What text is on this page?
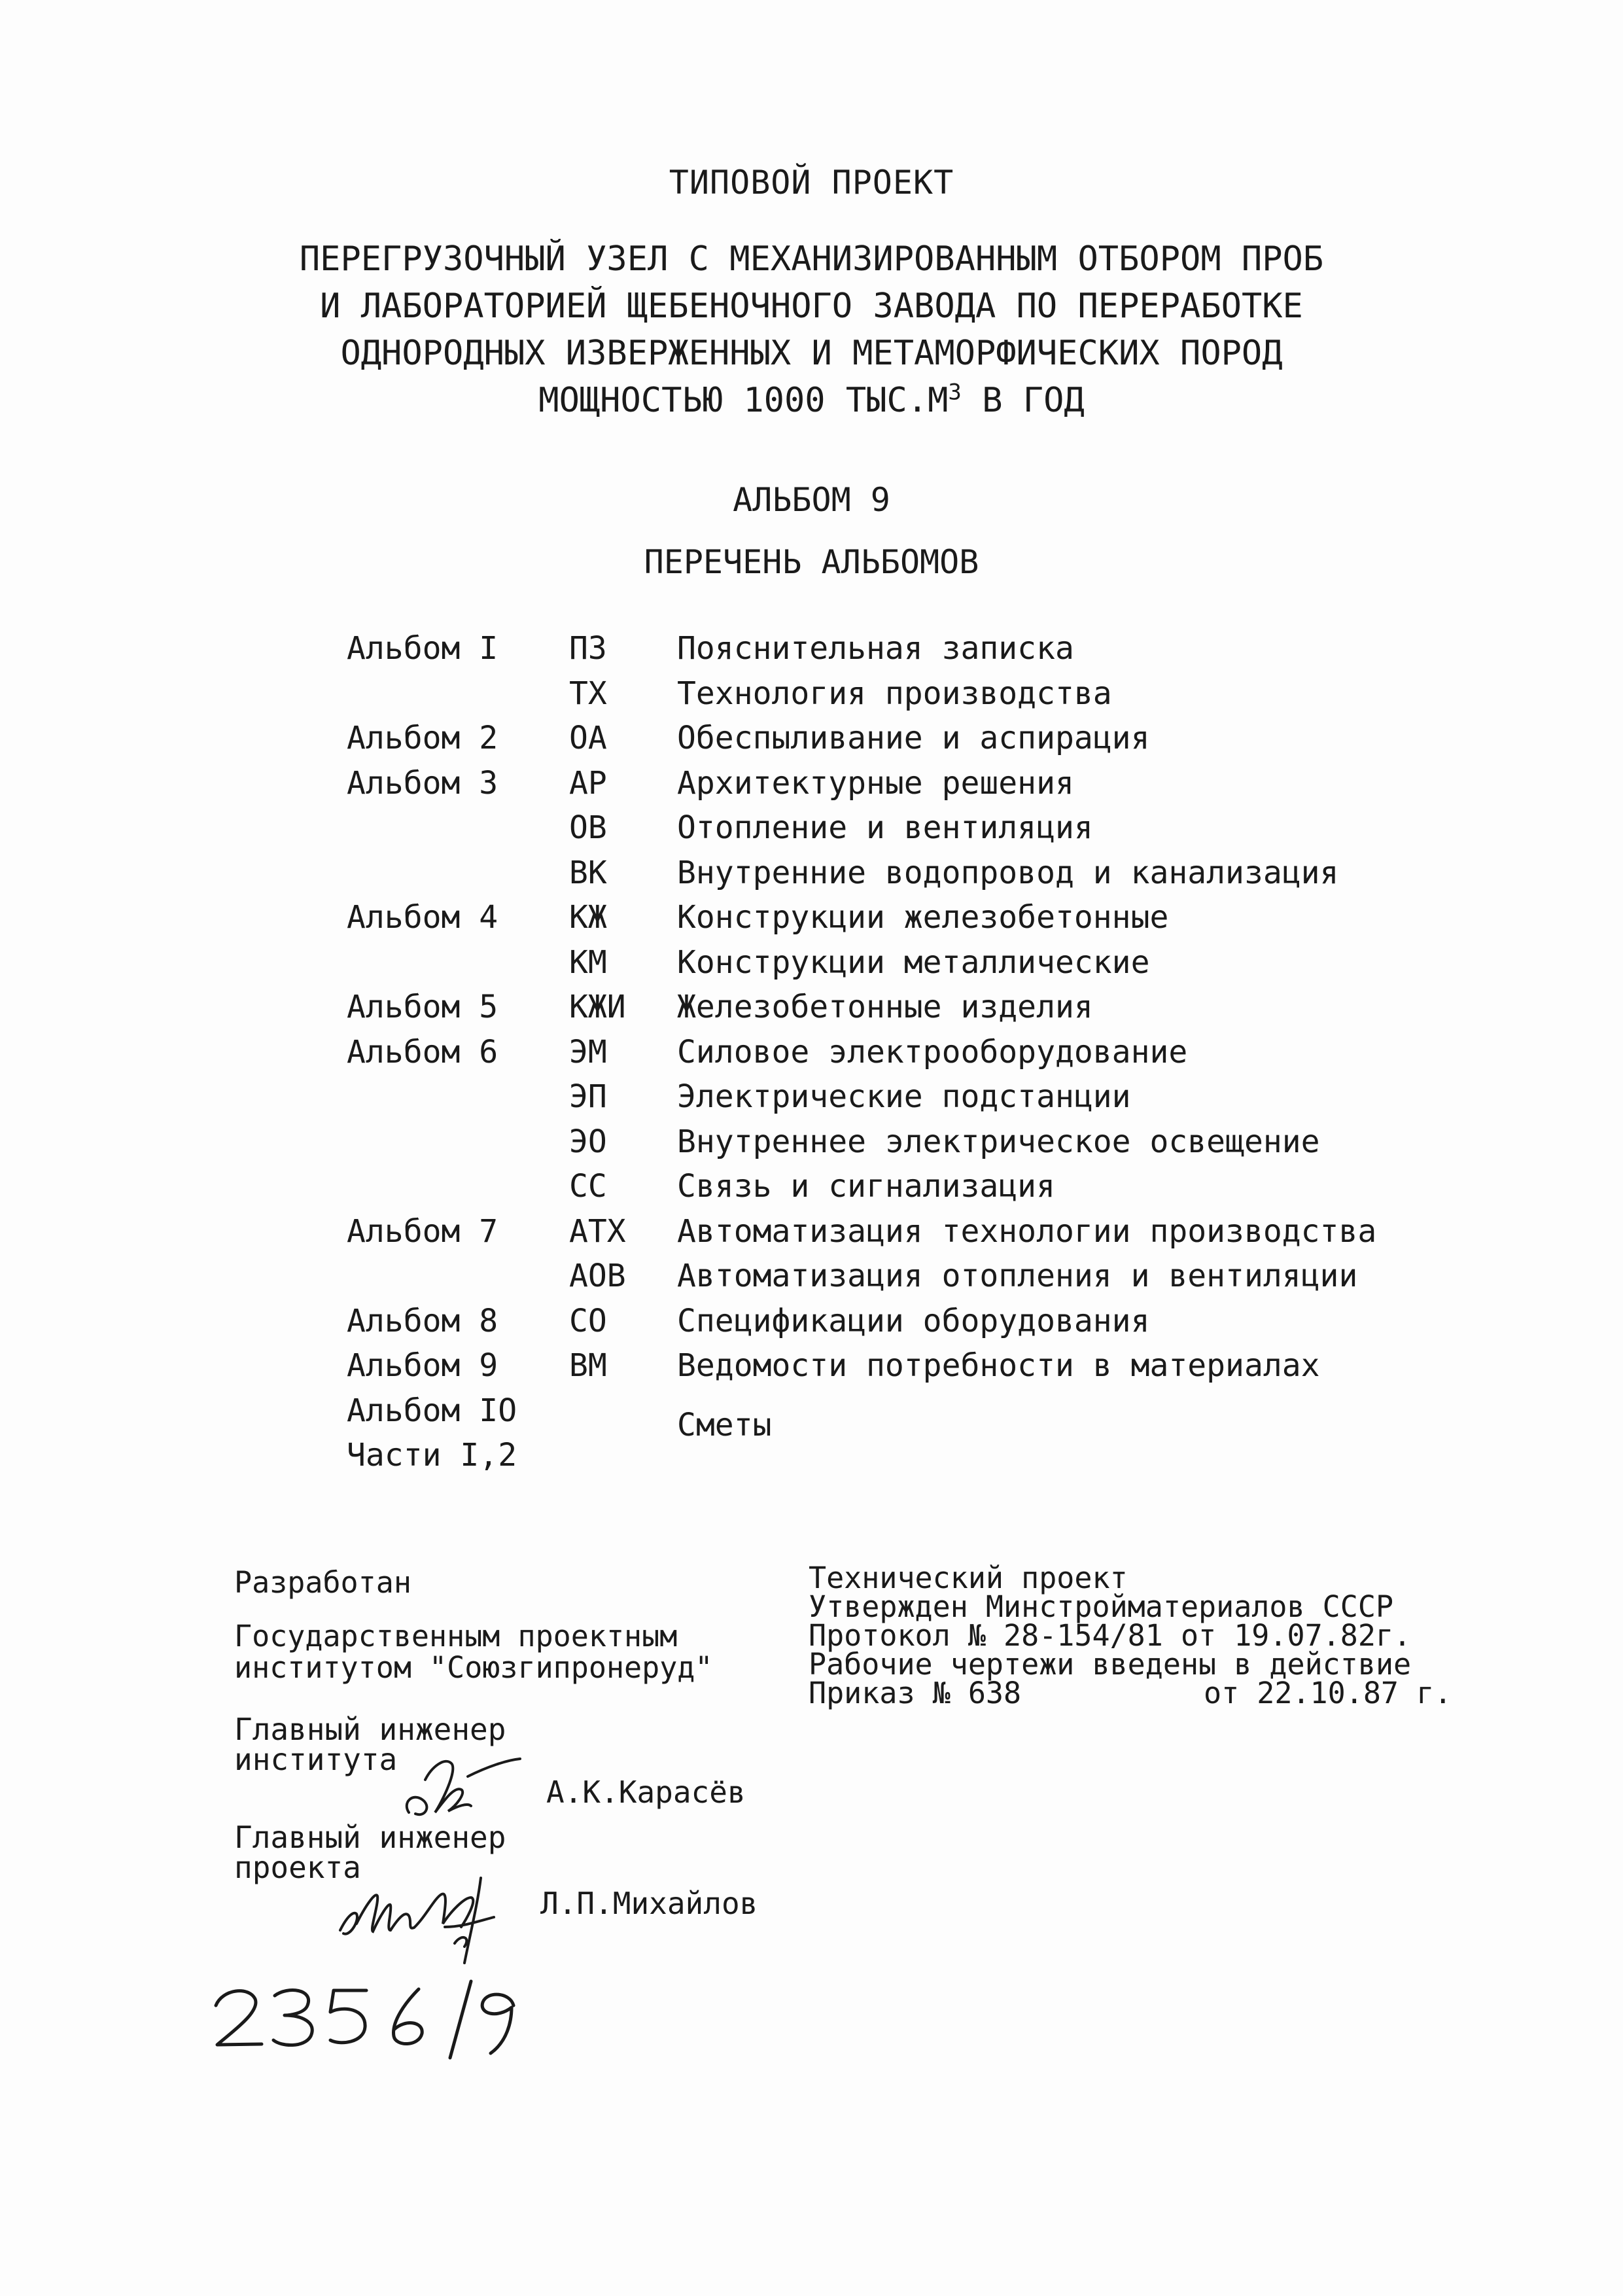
ТИПОВОЙ ПРОЕКТ
ПЕРЕГРУЗОЧНЫЙ УЗЕЛ С МЕХАНИЗИРОВАННЫМ ОТБОРОМ ПРОБ
И ЛАБОРАТОРИЕЙ ЩЕБЕНОЧНОГО ЗАВОДА ПО ПЕРЕРАБОТКЕ
ОДНОРОДНЫХ ИЗВЕРЖЕННЫХ И МЕТАМОРФИЧЕСКИХ ПОРОД
МОЩНОСТЬЮ 1000 $ТЫС.М^3$ В ГОД
АЛЬБОМ 9
ПЕРЕЧЕНЬ АЛЬБОМОВ
Альбом I ПЗ Пояснительная записка
ТХ Технология производства
Альбом 2 ОА Обеспыливание и аспирация
Альбом 3 АР Архитектурные решения
ОВ Отопление и вентиляция
ВК Внутренние водопровод и канализация
Альбом 4 КЖ Конструкции железобетонные
КМ Конструкции металлические
Альбом 5 КЖИ Железобетонные изделия
Альбом 6 ЭМ Силовое электрооборудование
ЭП Электрические подстанции
ЭО Внутреннее электрическое освещение
СС Связь и сигнализация
Альбом 7 АТХ Автоматизация технологии производства
АОВ Автоматизация отопления и вентиляции
Альбом 8 СО Спецификации оборудования
Альбом 9 ВМ Ведомости потребности в материалах
Альбом IO	Сметы
Части I,2
Разработан
Государственным проектным
институтом "Союзгипронеруд"
Технический проект
Утвержден Минстройматериалов СССР
Протокол № 28-154/81 от 19.07.82г.
Рабочие чертежи введены в действие
Приказ № 638	от 22.10.87 г.
Главный инженер
института
А.К.Карасёв
Главный инженер
проекта
Л.П.Михайлов
